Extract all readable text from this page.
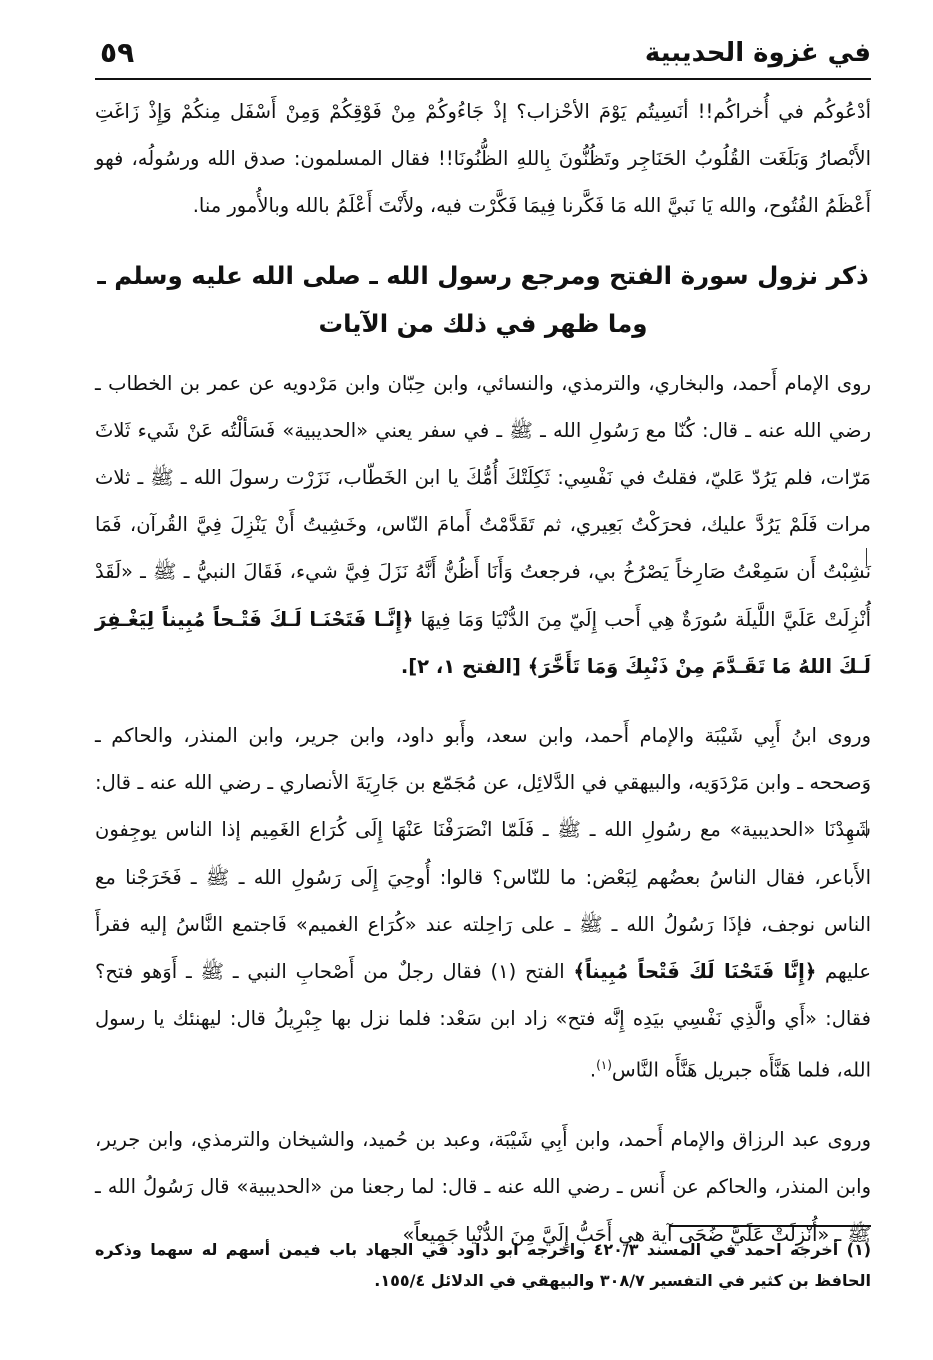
في غزوة الحديبية
٥٩

أدْعُوكُم في أُخراكُم!! أنَسِيتُم يَوْمَ الأحْزاب؟ إذْ جَاءُوكُمْ مِنْ فَوْقِكُمْ وَمِنْ أَسْفَل مِنكُمْ وَإِذْ زَاغَتِ الأَبْصارُ وَبَلَغَت القُلُوبُ الحَنَاجِر وتَظُنُّونَ بِاللهِ الظُّنُونَا!! فقال المسلمون: صدق الله ورسُولُه، فهو أَعْظَمُ الفُتُوح، والله يَا نَبيَّ الله مَا فَكَّرنا فِيمَا فَكَّرْت فيه، ولأَنْتَ أَعْلَمُ بالله وبالأُمور منا.

ذكر نزول سورة الفتح ومرجع رسول الله ـ صلى الله عليه وسلم ـ
وما ظهر في ذلك من الآيات

روى الإمام أَحمد، والبخاري، والترمذي، والنسائي، وابن حِبّان وابن مَرْدويه عن عمر بن الخطاب ـ رضي الله عنه ـ قال: كُنّا مع رَسُولِ الله ـ ﷺ ـ في سفر يعني «الحديبية» فَسَألْتُه عَنْ شَيء ثَلاثَ مَرّات، فلم يَرُدّ عَليّ، فقلتُ في نَفْسِي: ثَكِلَتْكَ أُمُّكَ يا ابن الخَطّاب، نَزَرْت رسولَ الله ـ ﷺ ـ ثلاث مرات فَلَمْ يَرُدَّ عليك، فحرَكْتُ بَعِيري، ثم تَقَدَّمْتُ أَمامَ النّاس، وخَشِيتُ أَنْ يَنْزِلَ فِيَّ القُرآن، فَمَا نَشِبْتُ أَن سَمِعْتُ صَارِخاً يَصْرُخُ بي، فرجعتُ وَأَنَا أَظُنُّ أَنَّهُ نَزَلَ فِيَّ شيء، فَقَالَ النبيُّ ـ ﷺ ـ «لَقَدْ أُنْزِلَتْ عَلَيَّ اللَّيلَة سُورَةٌ هِي أَحب إِلَيّ مِنَ الدُّنْيَا وَمَا فِيهَا ﴿إِنَّـا فَتَحْنَـا لَـكَ فَتْـحاً مُبِيناً لِيَغْـفِرَ لَـكَ اللهُ مَا تَقَـدَّمَ مِنْ ذَنْبِكَ وَمَا تَأَخَّرَ﴾ [الفتح ١، ٢].

وروى ابنُ أَبِي شَيْبَة والإمام أَحمد، وابن سعد، وأَبو داود، وابن جرير، وابن المنذر، والحاكم ـ وَصححه ـ وابن مَرْدَوَيه، والبيهقي في الدَّلائِل، عن مُجَمّع بن جَارِيَةَ الأنصاري ـ رضي الله عنه ـ قال: شَهِدْنَا «الحديبية» مع رسُولِ الله ـ ﷺ ـ فَلَمّا انْصَرَفْنَا عَنْهَا إِلَى كُرَاع الغَمِيم إذا الناس يوجِفون الأَباعر، فقال الناسُ بعضُهم لِبَعْض: ما للنّاس؟ قالوا: أُوحِيَ إِلَى رَسُولِ الله ـ ﷺ ـ فَخَرَجْنا مع الناس نوجف، فإذَا رَسُولُ الله ـ ﷺ ـ على رَاحِلته عند «كُرَاع الغميم» فَاجتمع النَّاسُ إليه فقرأَ عليهم ﴿إِنَّا فَتَحْنَا لَكَ فَتْحاً مُبِيناً﴾ الفتح (١) فقال رجلٌ من أَصْحابِ النبي ـ ﷺ ـ أَوَهو فتح؟ فقال: «أَي والَّذِي نَفْسِي بيَدِه إِنَّه فتح» زاد ابن سَعْد: فلما نزل بها جِبْرِيلُ قال: ليهنئك يا رسول الله، فلما هَنَّأَه جبريل هَنَّأَه النَّاس$^{(١)}$.

وروى عبد الرزاق والإمام أَحمد، وابن أَبِي شَيْبَة، وعبد بن حُميد، والشيخان والترمذي، وابن جرير، وابن المنذر، والحاكم عن أَنس ـ رضي الله عنه ـ قال: لما رجعنا من «الحديبية» قال رَسُولُ الله ـ ﷺ ـ «أُنْزِلَتْ عَلَيَّ ضُحَى آية هي أَحَبُّ إِلَيَّ مِنَ الدُّنْيا جَمِيعاً»

(١) أخرجه احمد في المسند ٤٢٠/٣ واخرجه ابو داود في الجهاد باب فيمن أسهم له سهما وذكره الحافظ بن كثير في التفسير ٣٠٨/٧ والبيهقي في الدلائل ١٥٥/٤.
